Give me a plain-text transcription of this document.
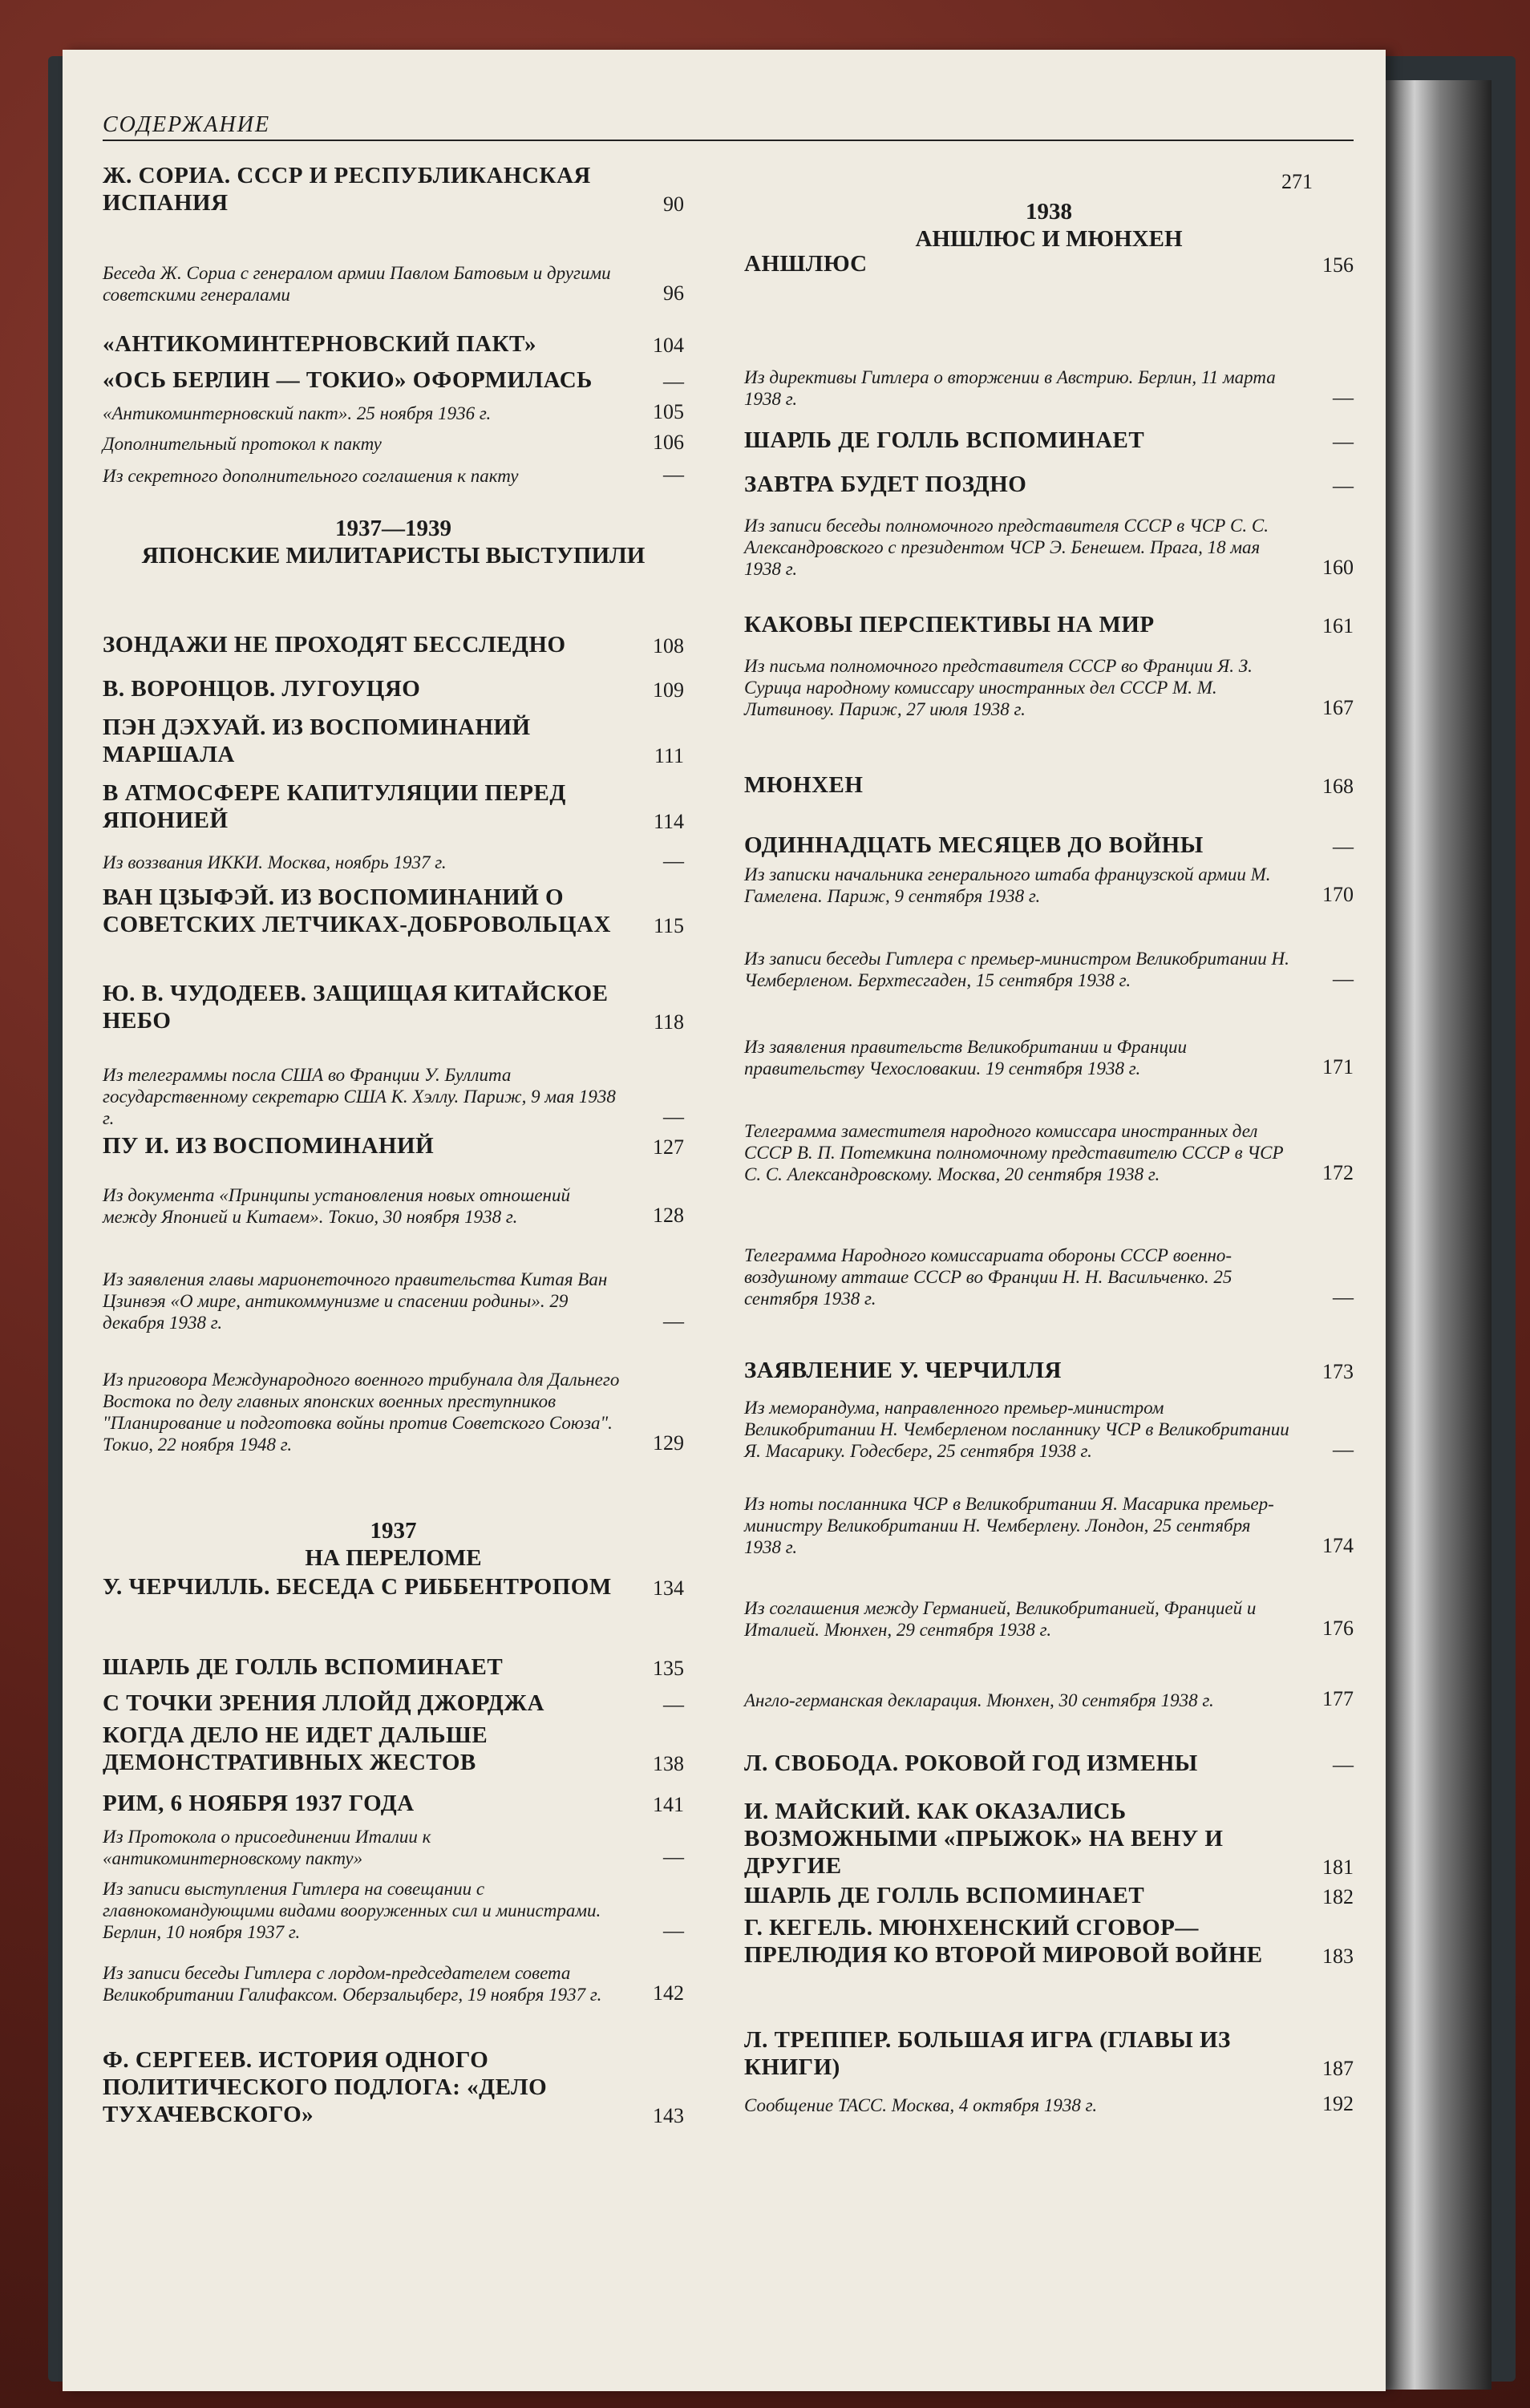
СОДЕРЖАНИЕ
271
Ж. СОРИА. СССР И РЕСПУБЛИКАНСКАЯ ИСПАНИЯ	90
Беседа Ж. Сориа с генералом армии Павлом Батовым и другими советскими генералами	96
«АНТИКОМИНТЕРНОВСКИЙ ПАКТ»	104
«ОСЬ БЕРЛИН — ТОКИО» ОФОРМИЛАСЬ	—
«Антикоминтерновский пакт». 25 ноября 1936 г.	105
Дополнительный протокол к пакту	106
Из секретного дополнительного соглашения к пакту	—
1937—1939
ЯПОНСКИЕ МИЛИТАРИСТЫ ВЫСТУПИЛИ
ЗОНДАЖИ НЕ ПРОХОДЯТ БЕССЛЕДНО	108
В. ВОРОНЦОВ. ЛУГОУЦЯО	109
ПЭН ДЭХУАЙ. ИЗ ВОСПОМИНАНИЙ МАРШАЛА	111
В АТМОСФЕРЕ КАПИТУЛЯЦИИ ПЕРЕД ЯПОНИЕЙ	114
Из воззвания ИККИ. Москва, ноябрь 1937 г.	—
ВАН ЦЗЫФЭЙ. ИЗ ВОСПОМИНАНИЙ О СОВЕТСКИХ ЛЕТЧИКАХ-ДОБРОВОЛЬЦАХ	115
Ю. В. ЧУДОДЕЕВ. ЗАЩИЩАЯ КИТАЙСКОЕ НЕБО	118
Из телеграммы посла США во Франции У. Буллита государственному секретарю США К. Хэллу. Париж, 9 мая 1938 г.	—
ПУ И. ИЗ ВОСПОМИНАНИЙ	127
Из документа «Принципы установления новых отношений между Японией и Китаем». Токио, 30 ноября 1938 г.	128
Из заявления главы марионеточного правительства Китая Ван Цзинвэя «О мире, антикоммунизме и спасении родины». 29 декабря 1938 г.	—
Из приговора Международного военного трибунала для Дальнего Востока по делу главных японских военных преступников "Планирование и подготовка войны против Советского Союза". Токио, 22 ноября 1948 г.	129
1937
НА ПЕРЕЛОМЕ
У. ЧЕРЧИЛЛЬ. БЕСЕДА С РИББЕНТРОПОМ	134
ШАРЛЬ ДЕ ГОЛЛЬ ВСПОМИНАЕТ	135
С ТОЧКИ ЗРЕНИЯ ЛЛОЙД ДЖОРДЖА	—
КОГДА ДЕЛО НЕ ИДЕТ ДАЛЬШЕ ДЕМОНСТРАТИВНЫХ ЖЕСТОВ	138
РИМ, 6 НОЯБРЯ 1937 ГОДА	141
Из Протокола о присоединении Италии к «антикоминтерновскому пакту»	—
Из записи выступления Гитлера на совещании с главнокомандующими видами вооруженных сил и министрами. Берлин, 10 ноября 1937 г.	—
Из записи беседы Гитлера с лордом-председателем совета Великобритании Галифаксом. Оберзальцберг, 19 ноября 1937 г.	142
Ф. СЕРГЕЕВ. ИСТОРИЯ ОДНОГО ПОЛИТИЧЕСКОГО ПОДЛОГА: «ДЕЛО ТУХАЧЕВСКОГО»	143
1938
АНШЛЮС И МЮНХЕН
АНШЛЮС	156
Из директивы Гитлера о вторжении в Австрию. Берлин, 11 марта 1938 г.	—
ШАРЛЬ ДЕ ГОЛЛЬ ВСПОМИНАЕТ	—
ЗАВТРА БУДЕТ ПОЗДНО	—
Из записи беседы полномочного представителя СССР в ЧСР С. С. Александровского с президентом ЧСР Э. Бенешем. Прага, 18 мая 1938 г.	160
КАКОВЫ ПЕРСПЕКТИВЫ НА МИР	161
Из письма полномочного представителя СССР во Франции Я. З. Сурица народному комиссару иностранных дел СССР М. М. Литвинову. Париж, 27 июля 1938 г.	167
МЮНХЕН	168
ОДИННАДЦАТЬ МЕСЯЦЕВ ДО ВОЙНЫ	—
Из записки начальника генерального штаба французской армии М. Гамелена. Париж, 9 сентября 1938 г.	170
Из записи беседы Гитлера с премьер-министром Великобритании Н. Чемберленом. Берхтесгаден, 15 сентября 1938 г.	—
Из заявления правительств Великобритании и Франции правительству Чехословакии. 19 сентября 1938 г.	171
Телеграмма заместителя народного комиссара иностранных дел СССР В. П. Потемкина полномочному представителю СССР в ЧСР С. С. Александровскому. Москва, 20 сентября 1938 г.	172
Телеграмма Народного комиссариата обороны СССР военно-воздушному атташе СССР во Франции Н. Н. Васильченко. 25 сентября 1938 г.	—
ЗАЯВЛЕНИЕ У. ЧЕРЧИЛЛЯ	173
Из меморандума, направленного премьер-министром Великобритании Н. Чемберленом посланнику ЧСР в Великобритании Я. Масарику. Годесберг, 25 сентября 1938 г.	—
Из ноты посланника ЧСР в Великобритании Я. Масарика премьер-министру Великобритании Н. Чемберлену. Лондон, 25 сентября 1938 г.	174
Из соглашения между Германией, Великобританией, Францией и Италией. Мюнхен, 29 сентября 1938 г.	176
Англо-германская декларация. Мюнхен, 30 сентября 1938 г.	177
Л. СВОБОДА. РОКОВОЙ ГОД ИЗМЕНЫ	—
И. МАЙСКИЙ. КАК ОКАЗАЛИСЬ ВОЗМОЖНЫМИ «ПРЫЖОК» НА ВЕНУ И ДРУГИЕ	181
ШАРЛЬ ДЕ ГОЛЛЬ ВСПОМИНАЕТ	182
Г. КЕГЕЛЬ. МЮНХЕНСКИЙ СГОВОР—ПРЕЛЮДИЯ КО ВТОРОЙ МИРОВОЙ ВОЙНЕ	183
Л. ТРЕППЕР. БОЛЬШАЯ ИГРА (ГЛАВЫ ИЗ КНИГИ)	187
Сообщение ТАСС. Москва, 4 октября 1938 г.	192
